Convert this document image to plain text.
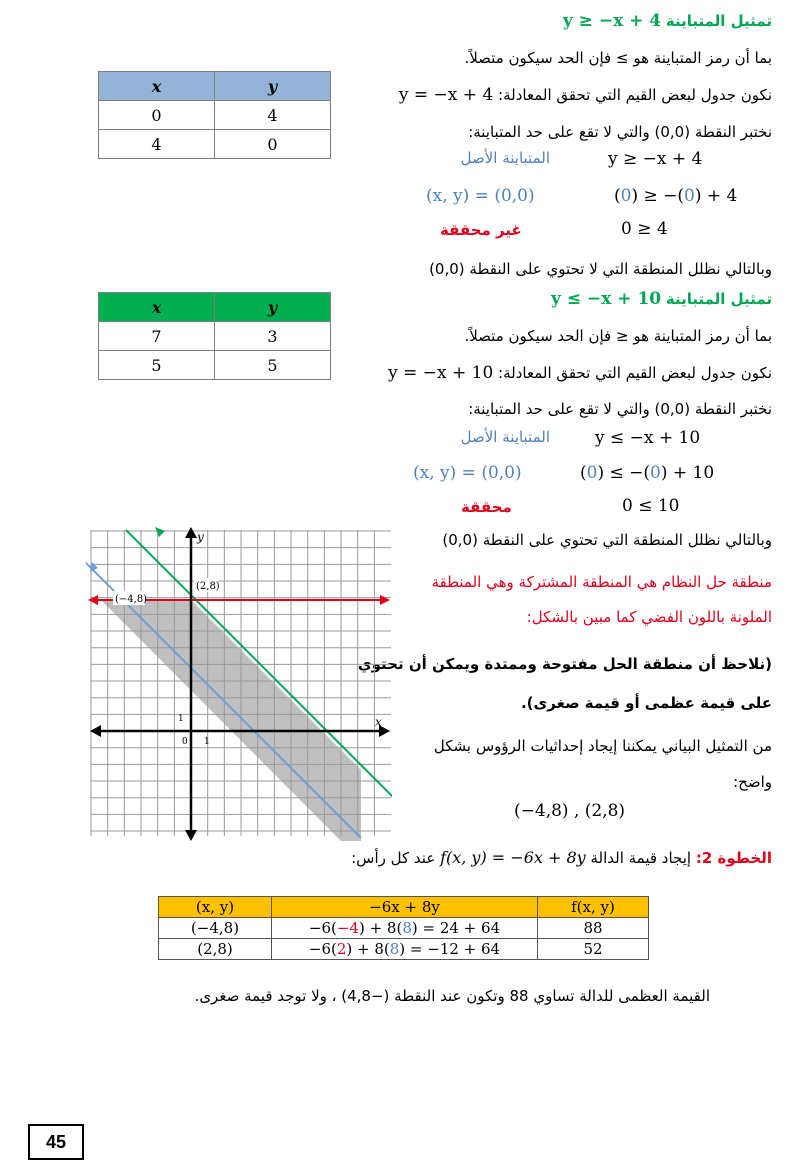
تمثيل المتباينة y ≥ −x + 4
بما أن رمز المتباينة هو ≥ فإن الحد سيكون متصلاً.
نكون جدول لبعض القيم التي تحقق المعادلة: y = −x + 4
نختبر النقطة (0,0) والتي لا تقع على حد المتباينة:
المتباينة الأصل	y ≥ −x + 4
(x, y) = (0,0)	(0) ≥ −(0) + 4
غير محققة	0 ≥ 4
وبالتالي نظلل المنطقة التي لا تحتوي على النقطة (0,0)
x	y
0	4
4	0
تمثيل المتباينة y ≤ −x + 10
بما أن رمز المتباينة هو ≤ فإن الحد سيكون متصلاً.
نكون جدول لبعض القيم التي تحقق المعادلة: y = −x + 10
نختبر النقطة (0,0) والتي لا تقع على حد المتباينة:
المتباينة الأصل	y ≤ −x + 10
(x, y) = (0,0)	(0) ≤ −(0) + 10
محققة	0 ≤ 10
وبالتالي نظلل المنطقة التي تحتوي على النقطة (0,0)
x	y
7	3
5	5
منطقة حل النظام هي المنطقة المشتركة وهي المنطقة
الملونة باللون الفضي كما مبين بالشكل:
(نلاحظ أن منطقة الحل مفتوحة وممتدة ويمكن أن تحتوي
على قيمة عظمى أو قيمة صغرى).
من التمثيل البياني يمكننا إيجاد إحداثيات الرؤوس بشكل
واضح:
(−4,8) , (2,8)
(−4,8)
(2,8)
y
x
1
1
0
الخطوة 2: إيجاد قيمة الدالة f(x, y) = −6x + 8y عند كل رأس:
(x, y)	−6x + 8y	f(x, y)
(−4,8)	−6(−4) + 8(8) = 24 + 64	88
(2,8)	−6(2) + 8(8) = −12 + 64	52
القيمة العظمى للدالة تساوي 88 وتكون عند النقطة (−4,8) ، ولا توجد قيمة صغرى.
45
